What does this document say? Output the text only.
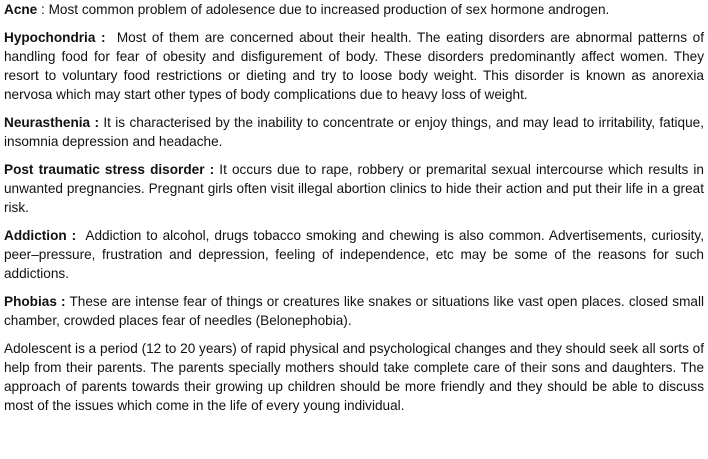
Acne : Most common problem of adolesence due to increased production of sex hormone androgen.

Hypochondria : Most of them are concerned about their health. The eating disorders are abnormal patterns of handling food for fear of obesity and disfigurement of body. These disorders predominantly affect women. They resort to voluntary food restrictions or dieting and try to loose body weight. This disorder is known as anorexia nervosa which may start other types of body complications due to heavy loss of weight.

Neurasthenia : It is characterised by the inability to concentrate or enjoy things, and may lead to irritability, fatique, insomnia depression and headache.

Post traumatic stress disorder : It occurs due to rape, robbery or premarital sexual intercourse which results in unwanted pregnancies. Pregnant girls often visit illegal abortion clinics to hide their action and put their life in a great risk.

Addiction : Addiction to alcohol, drugs tobacco smoking and chewing is also common. Advertisements, curiosity, peer–pressure, frustration and depression, feeling of independence, etc may be some of the reasons for such addictions.

Phobias : These are intense fear of things or creatures like snakes or situations like vast open places. closed small chamber, crowded places fear of needles (Belonephobia).

Adolescent is a period (12 to 20 years) of rapid physical and psychological changes and they should seek all sorts of help from their parents. The parents specially mothers should take complete care of their sons and daughters. The approach of parents towards their growing up children should be more friendly and they should be able to discuss most of the issues which come in the life of every young individual.
